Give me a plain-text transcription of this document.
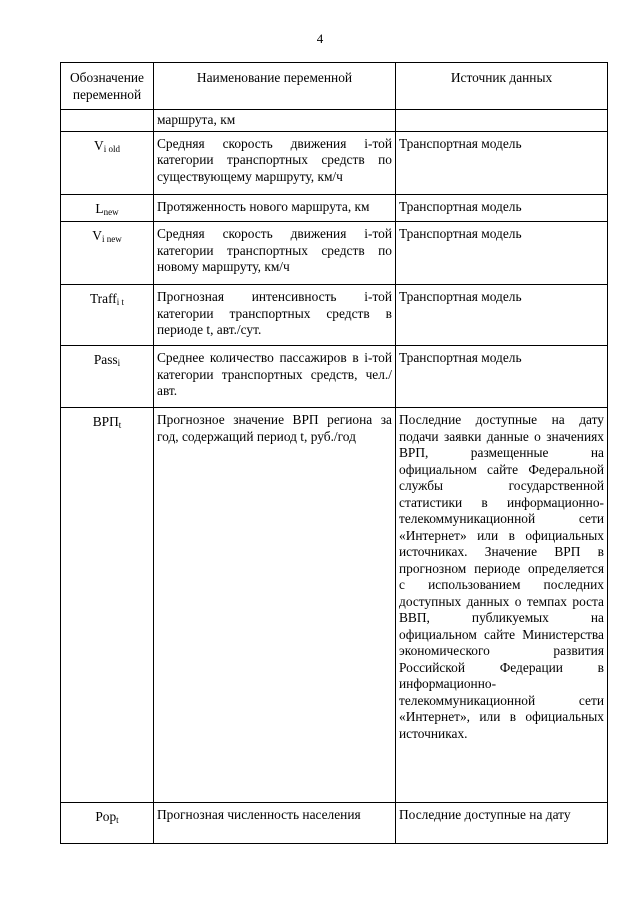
4
Обозначение переменной	Наименование переменной	Источник данных
	маршрута, км	
$V_{i old}$	Средняя скорость движения i-той категории транспортных средств по существующему маршруту, км/ч	Транспортная модель
$L_{new}$	Протяженность нового маршрута, км	Транспортная модель
$V_{i new}$	Средняя скорость движения i-той категории транспортных средств по новому маршруту, км/ч	Транспортная модель
Traff$_{i t}$	Прогнозная интенсивность i-той категории транспортных средств в периоде t, авт./сут.	Транспортная модель
Pass$_i$	Среднее количество пассажиров в i-той категории транспортных средств, чел./авт.	Транспортная модель
$ВРП_t$	Прогнозное значение ВРП региона за год, содержащий период t, руб./год	Последние доступные на дату подачи заявки данные о значениях ВРП, размещенные на официальном сайте Федеральной службы государственной статистики в информационно-телекоммуникационной сети «Интернет» или в официальных источниках. Значение ВРП в прогнозном периоде определяется с использованием последних доступных данных о темпах роста ВВП, публикуемых на официальном сайте Министерства экономического развития Российской Федерации в информационно-телекоммуникационной сети «Интернет», или в официальных источниках.
Pop$_t$	Прогнозная численность населения	Последние доступные на дату
